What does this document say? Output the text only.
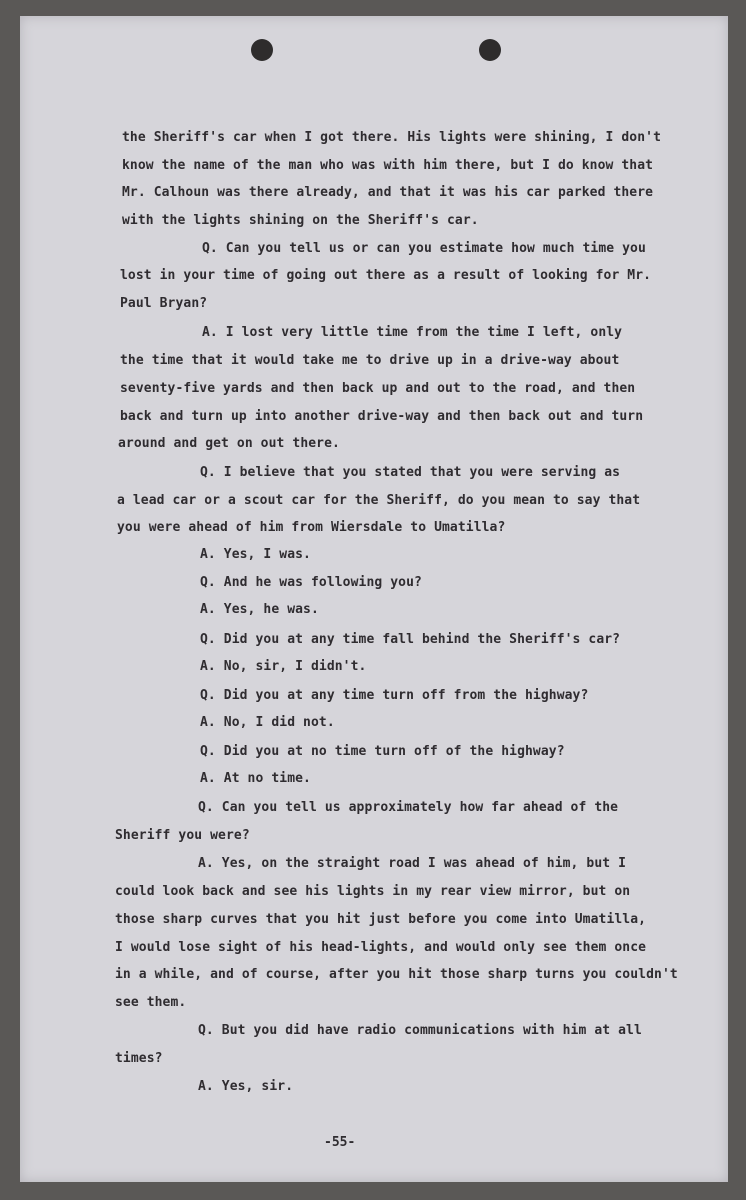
the Sheriff's car when I got there. His lights were shining, I don't
know the name of the man who was with him there, but I do know that
Mr. Calhoun was there already, and that it was his car parked there
with the lights shining on the Sheriff's car.
Q. Can you tell us or can you estimate how much time you
lost in your time of going out there as a result of looking for Mr.
Paul Bryan?
A. I lost very little time from the time I left, only
the time that it would take me to drive up in a drive-way about
seventy-five yards and then back up and out to the road, and then
back and turn up into another drive-way and then back out and turn
around and get on out there.
Q. I believe that you stated that you were serving as
a lead car or a scout car for the Sheriff, do you mean to say that
you were ahead of him from Wiersdale to Umatilla?
A. Yes, I was.
Q. And he was following you?
A. Yes, he was.
Q. Did you at any time fall behind the Sheriff's car?
A. No, sir, I didn't.
Q. Did you at any time turn off from the highway?
A. No, I did not.
Q. Did you at no time turn off of the highway?
A. At no time.
Q. Can you tell us approximately how far ahead of the
Sheriff you were?
A. Yes, on the straight road I was ahead of him, but I
could look back and see his lights in my rear view mirror, but on
those sharp curves that you hit just before you come into Umatilla,
I would lose sight of his head-lights, and would only see them once
in a while, and of course, after you hit those sharp turns you couldn't
see them.
Q. But you did have radio communications with him at all
times?
A. Yes, sir.
-55-
